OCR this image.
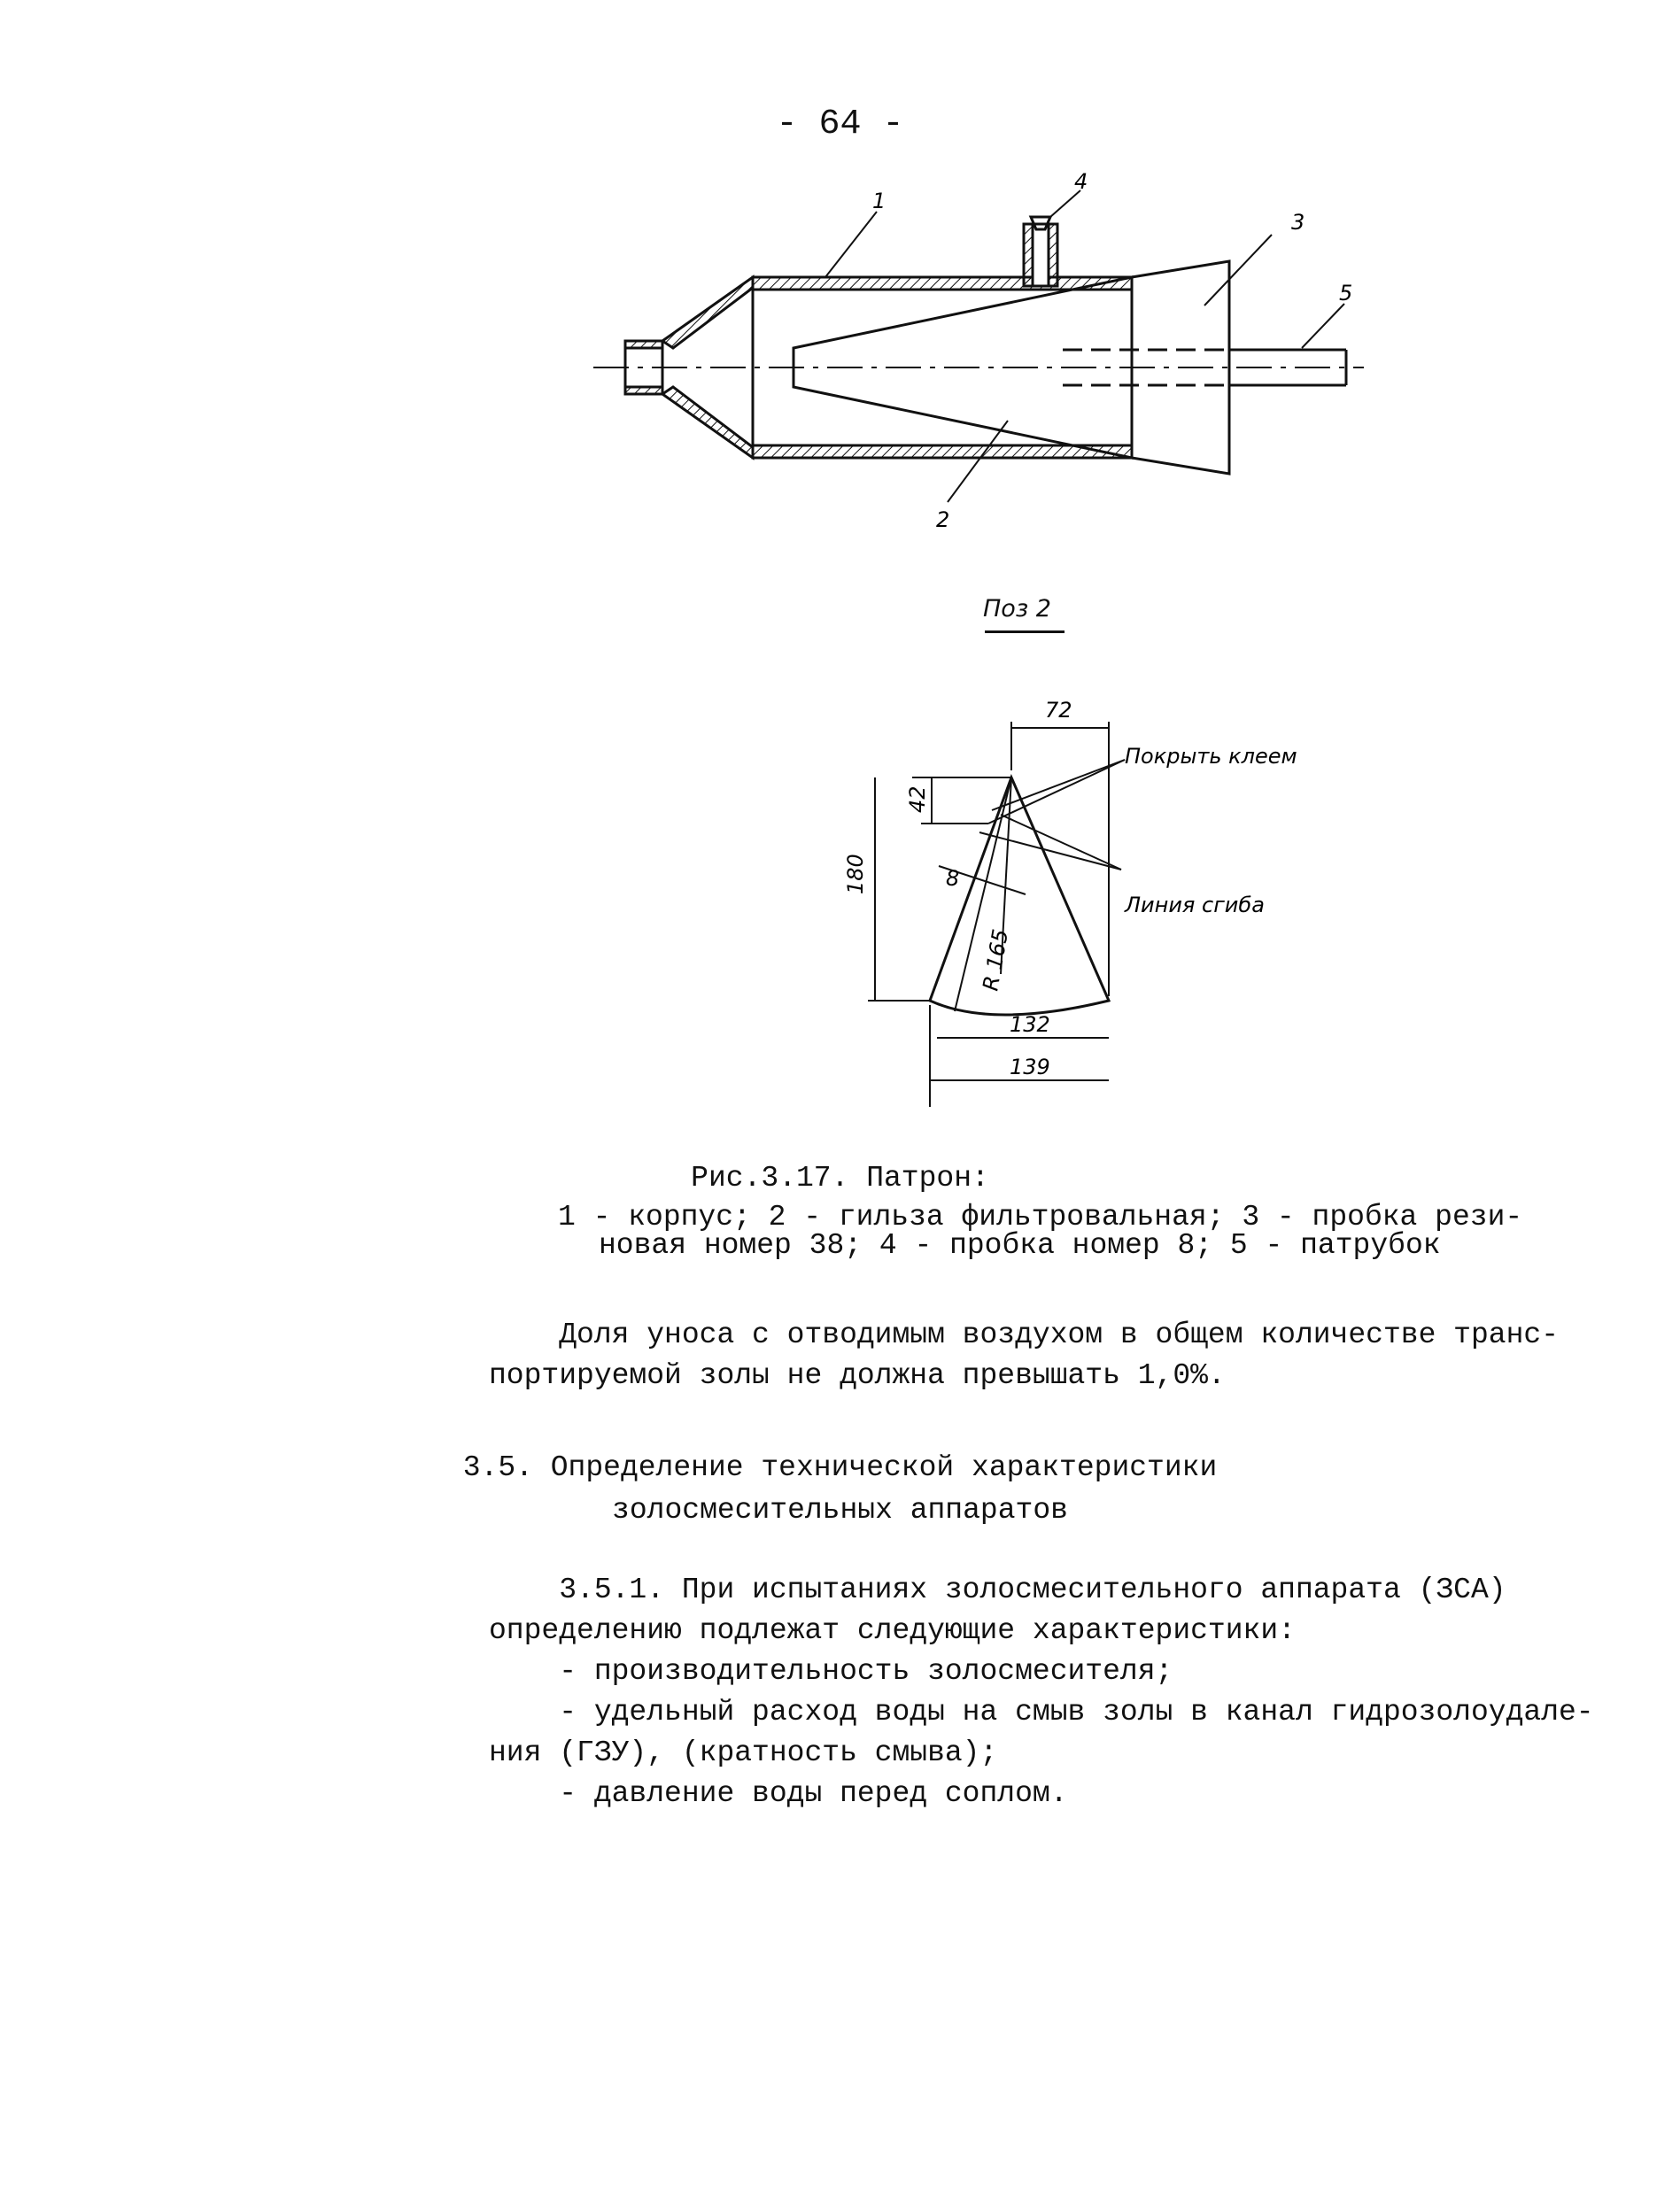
- 64 -
1
2
3
4
5
Поз 2
72
180
42
8
R 165
132
139
Покрыть клеем
Линия сгиба
Рис.3.17. Патрон:
1 - корпус; 2 - гильза фильтровальная; 3 - пробка рези-
новая номер 38; 4 - пробка номер 8; 5 - патрубок
Доля уноса с отводимым воздухом в общем количестве транс-
портируемой золы не должна превышать 1,0%.
3.5. Определение технической характеристики
золосмесительных аппаратов
3.5.1. При испытаниях золосмесительного аппарата (ЗСА)
определению подлежат следующие характеристики:
- производительность золосмесителя;
- удельный расход воды на смыв золы в канал гидрозолоудале-
ния (ГЗУ), (кратность смыва);
- давление воды перед соплом.
